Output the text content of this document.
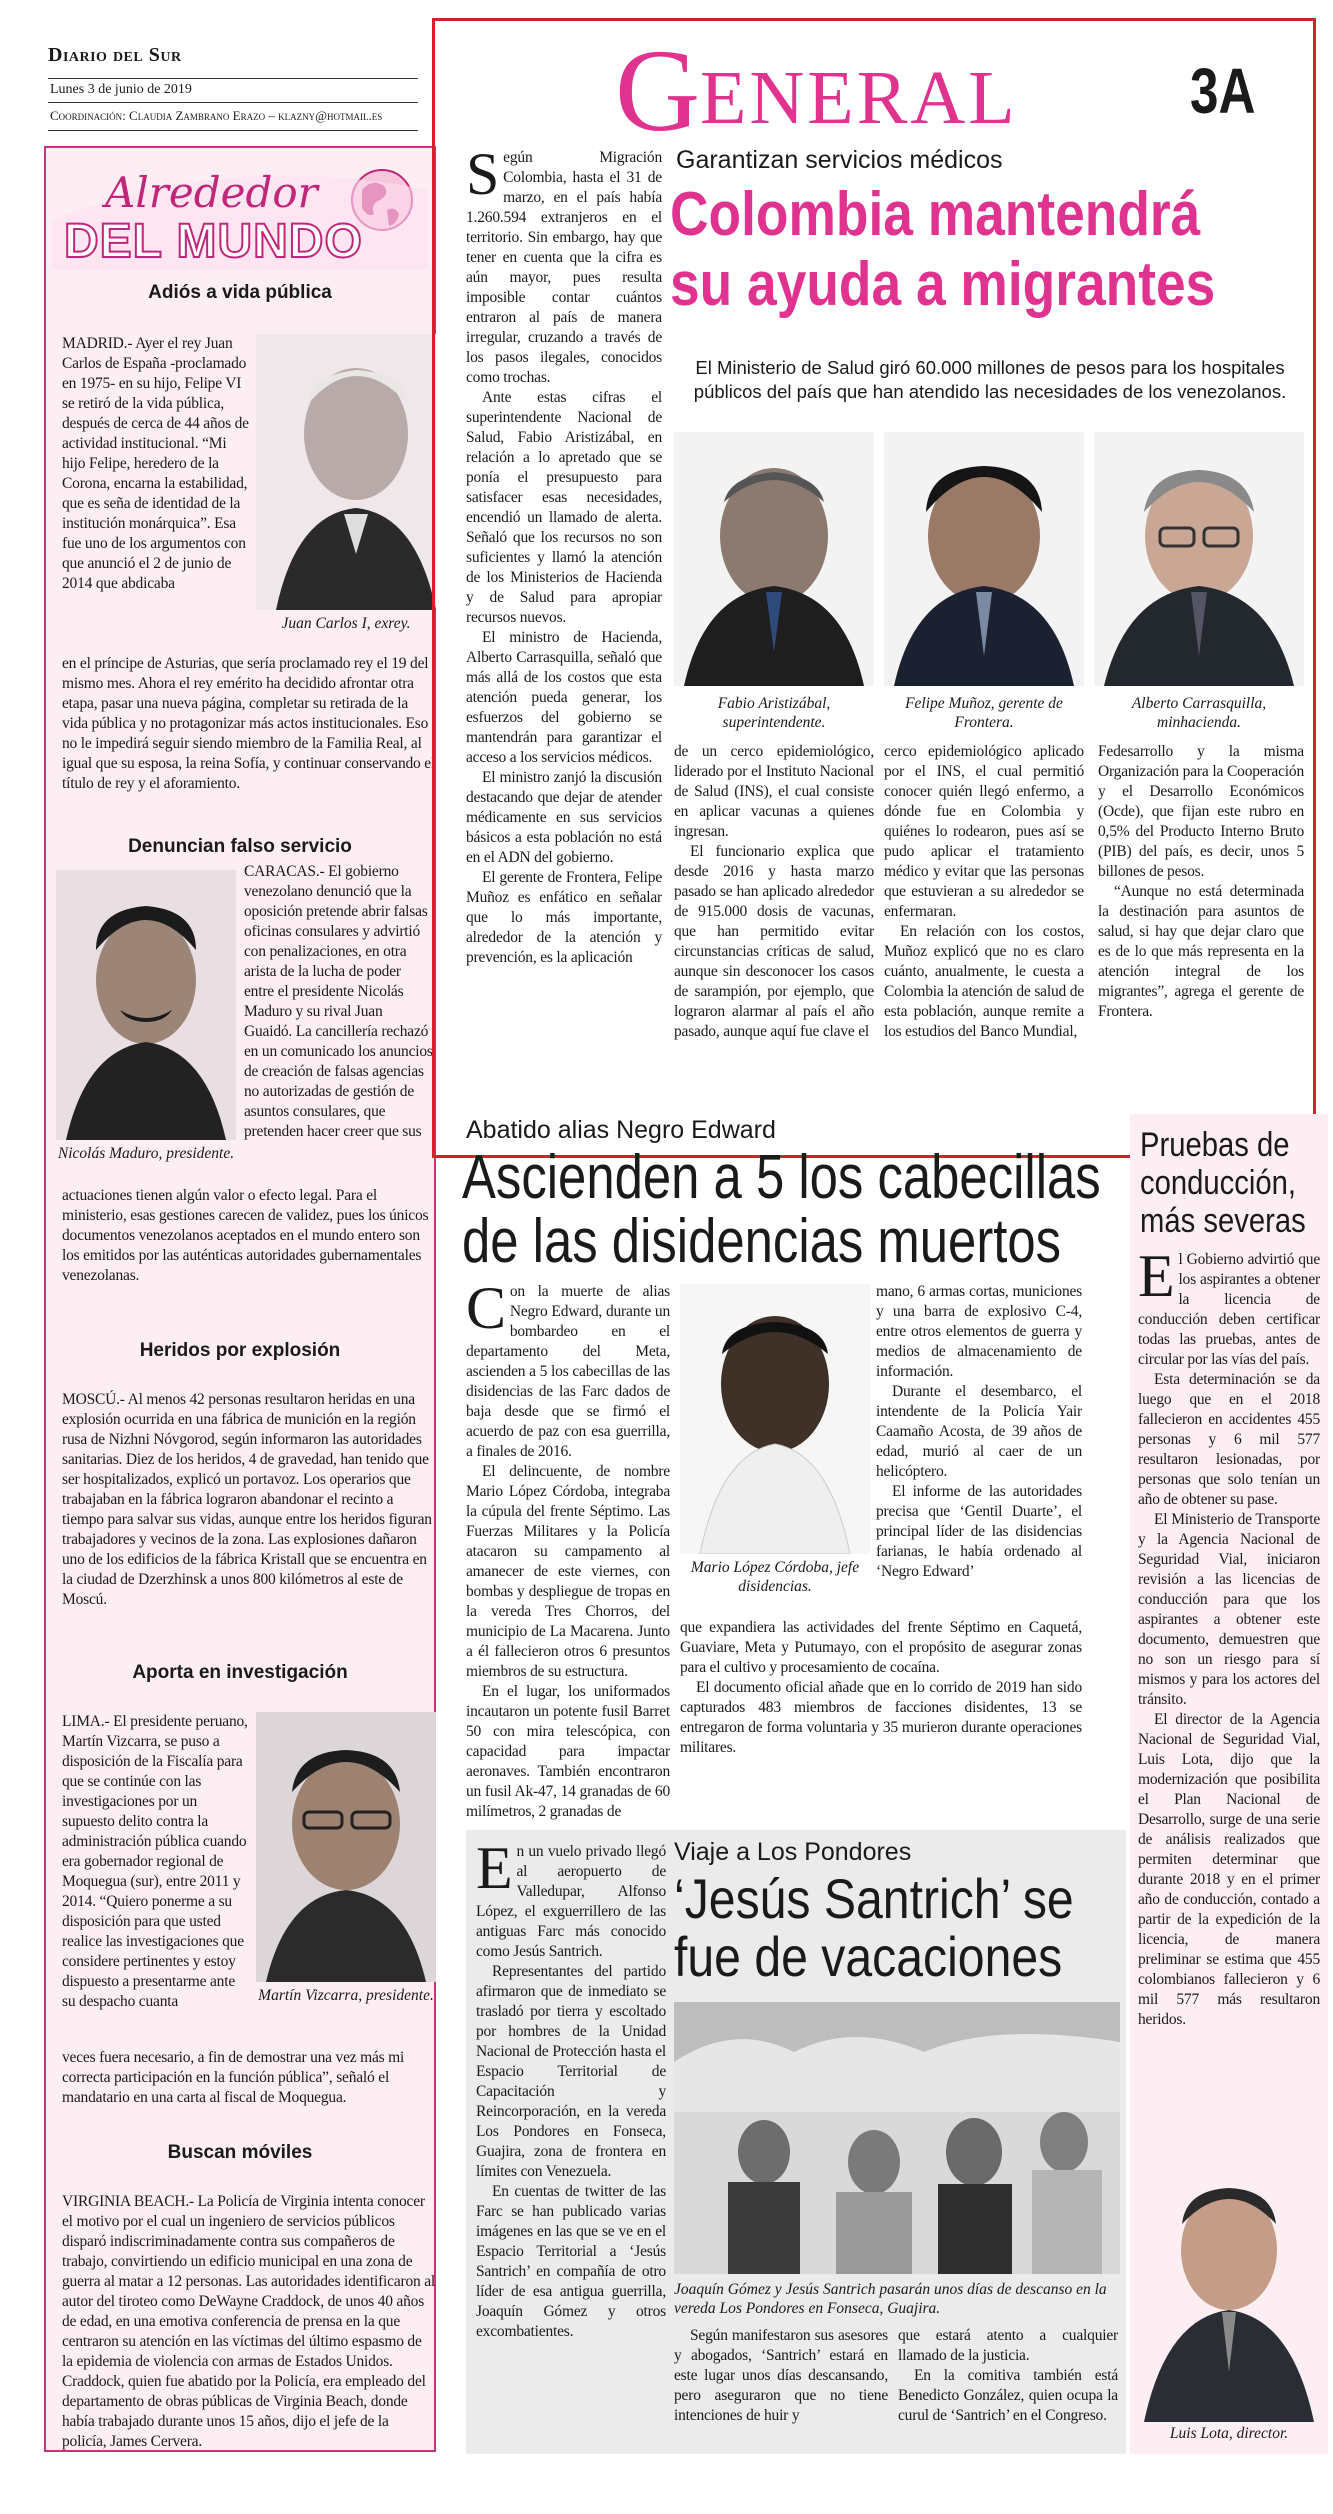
Diario del Sur
Lunes 3 de junio de 2019
Coordinación: Claudia Zambrano Erazo – klazny@hotmail.es G ENERAL	3A
Alrededor
DEL MUNDO
Adiós a vida pública
MADRID.- Ayer el rey Juan Carlos de España -proclamado en 1975- en su hijo, Felipe VI se retiró de la vida pública, después de cerca de 44 años de actividad institucional. “Mi hijo Felipe, heredero de la Corona, encarna la estabilidad, que es seña de identidad de la institución monárquica”. Esa fue uno de los argumentos con que anunció el 2 de junio de 2014 que abdicaba
Juan Carlos I, exrey.
en el príncipe de Asturias, que sería proclamado rey el 19 del mismo mes. Ahora el rey emérito ha decidido afrontar otra etapa, pasar una nueva página, completar su retirada de la vida pública y no protagonizar más actos institucionales. Eso no le impedirá seguir siendo miembro de la Familia Real, al igual que su esposa, la reina Sofía, y continuar conservando el título de rey y el aforamiento.
Denuncian falso servicio
Nicolás Maduro, presidente.
CARACAS.- El gobierno venezolano denunció que la oposición pretende abrir falsas oficinas consulares y advirtió con penalizaciones, en otra arista de la lucha de poder entre el presidente Nicolás Maduro y su rival Juan Guaidó. La cancillería rechazó en un comunicado los anuncios de creación de falsas agencias no autorizadas de gestión de asuntos consulares, que pretenden hacer creer que sus
actuaciones tienen algún valor o efecto legal. Para el ministerio, esas gestiones carecen de validez, pues los únicos documentos venezolanos aceptados en el mundo entero son los emitidos por las auténticas autoridades gubernamentales venezolanas.
Heridos por explosión
MOSCÚ.- Al menos 42 personas resultaron heridas en una explosión ocurrida en una fábrica de munición en la región rusa de Nizhni Nóvgorod, según informaron las autoridades sanitarias. Diez de los heridos, 4 de gravedad, han tenido que ser hospitalizados, explicó un portavoz. Los operarios que trabajaban en la fábrica lograron abandonar el recinto a tiempo para salvar sus vidas, aunque entre los heridos figuran trabajadores y vecinos de la zona. Las explosiones dañaron uno de los edificios de la fábrica Kristall que se encuentra en la ciudad de Dzerzhinsk a unos 800 kilómetros al este de Moscú.
Aporta en investigación
LIMA.- El presidente peruano, Martín Vizcarra, se puso a disposición de la Fiscalía para que se continúe con las investigaciones por un supuesto delito contra la administración pública cuando era gobernador regional de Moquegua (sur), entre 2011 y 2014. “Quiero ponerme a su disposición para que usted realice las investigaciones que considere pertinentes y estoy dispuesto a presentarme ante su despacho cuanta	Martín Vizcarra, presidente.
veces fuera necesario, a fin de demostrar una vez más mi correcta participación en la función pública”, señaló el mandatario en una carta al fiscal de Moquegua.
Buscan móviles
VIRGINIA BEACH.- La Policía de Virginia intenta conocer el motivo por el cual un ingeniero de servicios públicos disparó indiscriminadamente contra sus compañeros de trabajo, convirtiendo un edificio municipal en una zona de guerra al matar a 12 personas. Las autoridades identificaron al autor del tiroteo como DeWayne Craddock, de unos 40 años de edad, en una emotiva conferencia de prensa en la que centraron su atención en las víctimas del último espasmo de la epidemia de violencia con armas de Estados Unidos. Craddock, quien fue abatido por la Policía, era empleado del departamento de obras públicas de Virginia Beach, donde había trabajado durante unos 15 años, dijo el jefe de la policía, James Cervera.

Según Migración Colombia, hasta el 31 de marzo, en el país había 1.260.594 extranjeros en el territorio. Sin embargo, hay que tener en cuenta que la cifra es aún mayor, pues resulta imposible contar cuántos entraron al país de manera irregular, cruzando a través de los pasos ilegales, conocidos como trochas.

Ante estas cifras el superintendente Nacional de Salud, Fabio Aristizábal, en relación a lo apretado que se ponía el presupuesto para satisfacer esas necesidades, encendió un llamado de alerta. Señaló que los recursos no son suficientes y llamó la atención de los Ministerios de Hacienda y de Salud para apropiar recursos nuevos.

El ministro de Hacienda, Alberto Carrasquilla, señaló que más allá de los costos que esta atención pueda generar, los esfuerzos del gobierno se mantendrán para garantizar el acceso a los servicios médicos.

El ministro zanjó la discusión destacando que dejar de atender médicamente en sus servicios básicos a esta población no está en el ADN del gobierno.

El gerente de Frontera, Felipe Muñoz es enfático en señalar que lo más importante, alrededor de la atención y prevención, es la aplicación

Garantizan servicios médicos
Colombia mantendrá
su ayuda a migrantes
El Ministerio de Salud giró 60.000 millones de pesos para los hospitales públicos del país que han atendido las necesidades de los venezolanos.
Fabio Aristizábal, superintendente.
Felipe Muñoz, gerente de Frontera.
Alberto Carrasquilla, minhacienda.

de un cerco epidemiológico, liderado por el Instituto Nacional de Salud (INS), el cual consiste en aplicar vacunas a quienes ingresan.

El funcionario explica que desde 2016 y hasta marzo pasado se han aplicado alrededor de 915.000 dosis de vacunas, que han permitido evitar circunstancias críticas de salud, aunque sin desconocer los casos de sarampión, por ejemplo, que lograron alarmar al país el año pasado, aunque aquí fue clave el

cerco epidemiológico aplicado por el INS, el cual permitió conocer quién llegó enfermo, a dónde fue en Colombia y quiénes lo rodearon, pues así se pudo aplicar el tratamiento médico y evitar que las personas que estuvieran a su alrededor se enfermaran.

En relación con los costos, Muñoz explicó que no es claro cuánto, anualmente, le cuesta a Colombia la atención de salud de esta población, aunque remite a los estudios del Banco Mundial,

Fedesarrollo y la misma Organización para la Cooperación y el Desarrollo Económicos (Ocde), que fijan este rubro en 0,5% del Producto Interno Bruto (PIB) del país, es decir, unos 5 billones de pesos.

“Aunque no está determinada la destinación para asuntos de salud, si hay que dejar claro que es de lo que más representa en la atención integral de los migrantes”, agrega el gerente de Frontera.

Abatido alias Negro Edward
Ascienden a 5 los cabecillas
de las disidencias muertos

Con la muerte de alias Negro Edward, durante un bombardeo en el departamento del Meta, ascienden a 5 los cabecillas de las disidencias de las Farc dados de baja desde que se firmó el acuerdo de paz con esa guerrilla, a finales de 2016.

El delincuente, de nombre Mario López Córdoba, integraba la cúpula del frente Séptimo. Las Fuerzas Militares y la Policía atacaron su campamento al amanecer de este viernes, con bombas y despliegue de tropas en la vereda Tres Chorros, del municipio de La Macarena. Junto a él fallecieron otros 6 presuntos miembros de su estructura.

En el lugar, los uniformados incautaron un potente fusil Barret 50 con mira telescópica, con capacidad para impactar aeronaves. También encontraron un fusil Ak-47, 14 granadas de 60 milímetros, 2 granadas de

Mario López Córdoba, jefe disidencias.

mano, 6 armas cortas, municiones y una barra de explosivo C-4, entre otros elementos de guerra y medios de almacenamiento de información.

Durante el desembarco, el intendente de la Policía Yair Caamaño Acosta, de 39 años de edad, murió al caer de un helicóptero.

El informe de las autoridades precisa que ‘Gentil Duarte’, el principal líder de las disidencias farianas, le había ordenado al ‘Negro Edward’

que expandiera las actividades del frente Séptimo en Caquetá, Guaviare, Meta y Putumayo, con el propósito de asegurar zonas para el cultivo y procesamiento de cocaína.

El documento oficial añade que en lo corrido de 2019 han sido capturados 483 miembros de facciones disidentes, 13 se entregaron de forma voluntaria y 35 murieron durante operaciones militares.

Pruebas de
conducción,
más severas

El Gobierno advirtió que los aspirantes a obtener la licencia de conducción deben certificar todas las pruebas, antes de circular por las vías del país.

Esta determinación se da luego que en el 2018 fallecieron en accidentes 455 personas y 6 mil 577 resultaron lesionadas, por personas que solo tenían un año de obtener su pase.

El Ministerio de Transporte y la Agencia Nacional de Seguridad Vial, iniciaron revisión a las licencias de conducción para que los aspirantes a obtener este documento, demuestren que no son un riesgo para sí mismos y para los actores del tránsito.

El director de la Agencia Nacional de Seguridad Vial, Luis Lota, dijo que la modernización que posibilita el Plan Nacional de Desarrollo, surge de una serie de análisis realizados que permiten determinar que durante 2018 y en el primer año de conducción, contado a partir de la expedición de la licencia, de manera preliminar se estima que 455 colombianos fallecieron y 6 mil 577 más resultaron heridos.

Luis Lota, director.

En un vuelo privado llegó al aeropuerto de Valledupar, Alfonso López, el exguerrillero de las antiguas Farc más conocido como Jesús Santrich.

Representantes del partido afirmaron que de inmediato se trasladó por tierra y escoltado por hombres de la Unidad Nacional de Protección hasta el Espacio Territorial de Capacitación y Reincorporación, en la vereda Los Pondores en Fonseca, Guajira, zona de frontera en límites con Venezuela.

En cuentas de twitter de las Farc se han publicado varias imágenes en las que se ve en el Espacio Territorial a ‘Jesús Santrich’ en compañía de otro líder de esa antigua guerrilla, Joaquín Gómez y otros excombatientes.

Viaje a Los Pondores
‘Jesús Santrich’ se
fue de vacaciones
Joaquín Gómez y Jesús Santrich pasarán unos días de descanso en la vereda Los Pondores en Fonseca, Guajira.

Según manifestaron sus asesores y abogados, ‘Santrich’ estará en este lugar unos días descansando, pero aseguraron que no tiene intenciones de huir y

que estará atento a cualquier llamado de la justicia.

En la comitiva también está Benedicto González, quien ocupa la curul de ‘Santrich’ en el Congreso.
